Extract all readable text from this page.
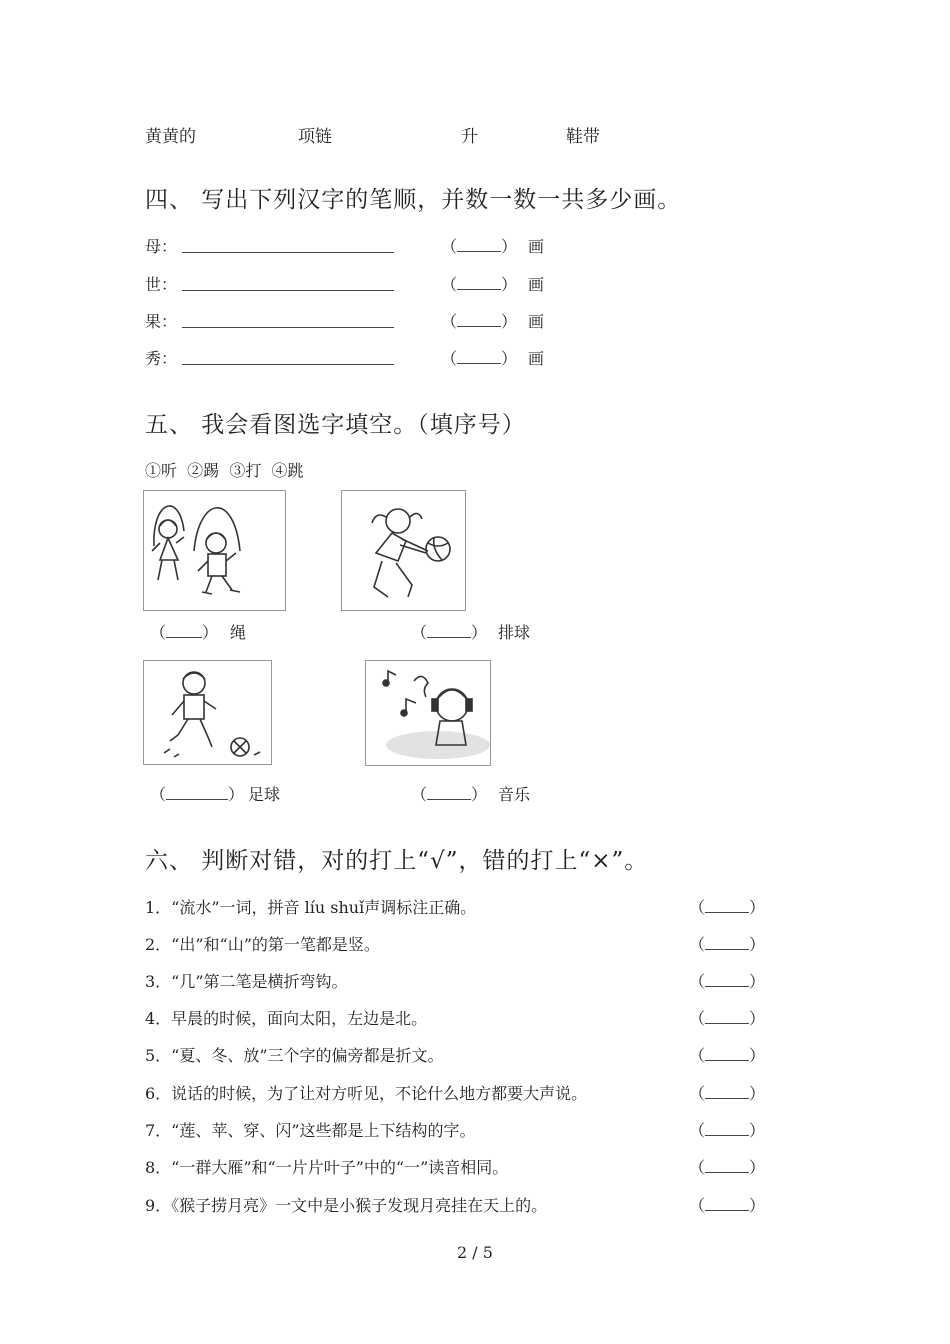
黄黄的	项链	升	鞋带
四、 写出下列汉字的笔顺，并数一数一共多少画。
母：	（	） 画
世：	（	） 画
果：	（	） 画
秀：	（	） 画
五、 我会看图选字填空。（填序号）
①听  ②踢  ③打  ④跳
（ ） 绳	（	） 排球
（	） 足球	（	） 音乐
六、 判断对错，对的打上“√”，错的打上“×”。
1．“流水”一词，拼音 líu shuǐ声调标注正确。	（	）
2．“出”和“山”的第一笔都是竖。	（	）
3．“几”第二笔是横折弯钩。	（	）
4．早晨的时候，面向太阳，左边是北。	（	）
5．“夏、冬、放”三个字的偏旁都是折文。	（	）
6．说话的时候，为了让对方听见，不论什么地方都要大声说。	（	）
7．“莲、苹、穿、闪”这些都是上下结构的字。	（	）
8．“一群大雁”和“一片片叶子”中的“一”读音相同。	（	）
9．《猴子捞月亮》一文中是小猴子发现月亮挂在天上的。	（	）
2 / 5
